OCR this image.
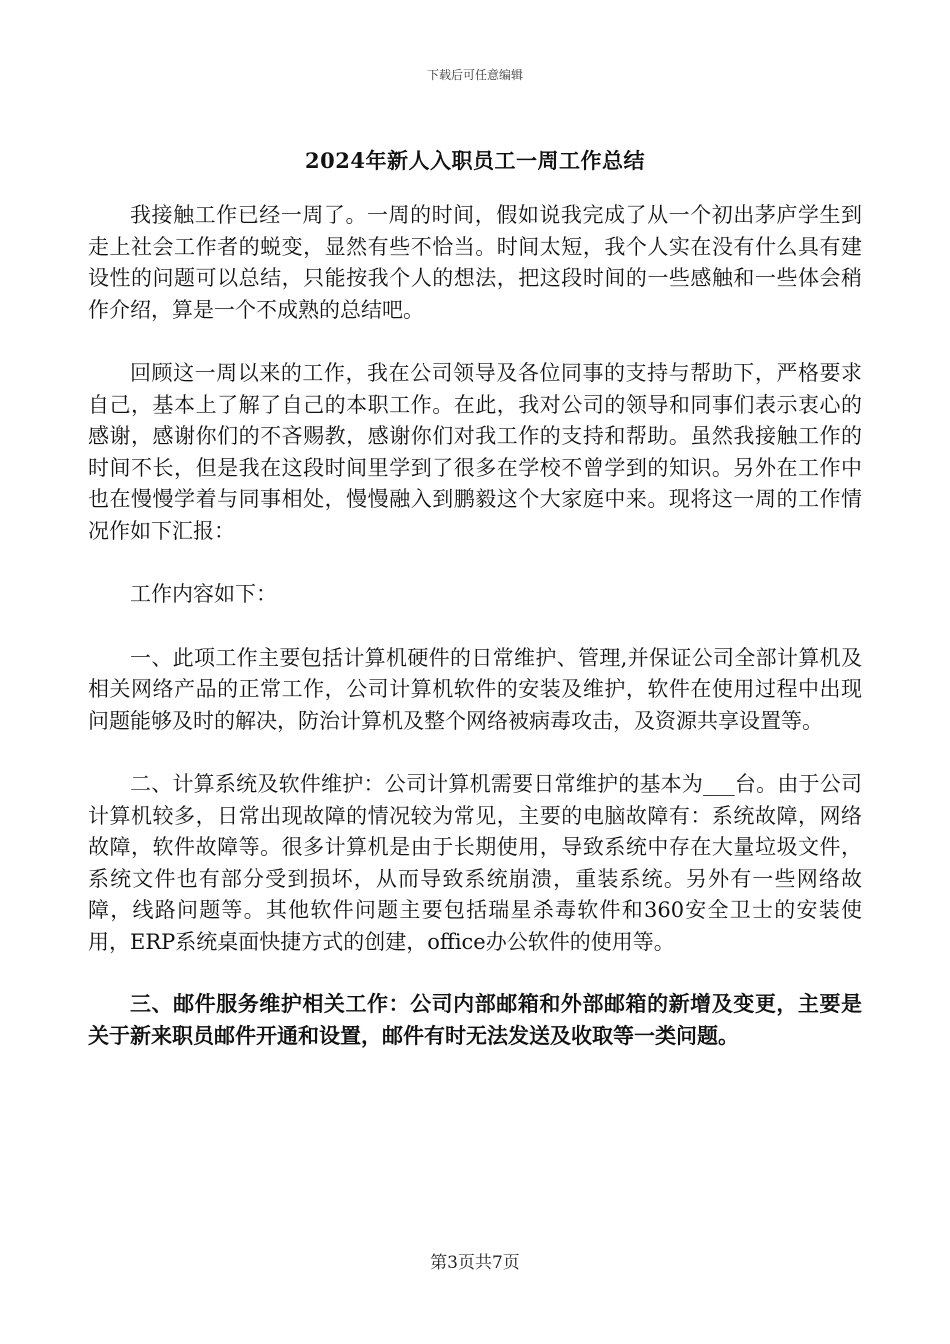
下载后可任意编辑
2024年新人入职员工一周工作总结

我接触工作已经一周了。一周的时间，假如说我完成了从一个初出茅庐学生到走上社会工作者的蜕变，显然有些不恰当。时间太短，我个人实在没有什么具有建设性的问题可以总结，只能按我个人的想法，把这段时间的一些感触和一些体会稍作介绍，算是一个不成熟的总结吧。

回顾这一周以来的工作，我在公司领导及各位同事的支持与帮助下，严格要求自己，基本上了解了自己的本职工作。在此，我对公司的领导和同事们表示衷心的感谢，感谢你们的不吝赐教，感谢你们对我工作的支持和帮助。虽然我接触工作的时间不长，但是我在这段时间里学到了很多在学校不曾学到的知识。另外在工作中也在慢慢学着与同事相处，慢慢融入到鹏毅这个大家庭中来。现将这一周的工作情况作如下汇报：

工作内容如下：

一、此项工作主要包括计算机硬件的日常维护、管理,并保证公司全部计算机及相关网络产品的正常工作，公司计算机软件的安装及维护，软件在使用过程中出现问题能够及时的解决，防治计算机及整个网络被病毒攻击，及资源共享设置等。

二、计算系统及软件维护：公司计算机需要日常维护的基本为___台。由于公司计算机较多，日常出现故障的情况较为常见，主要的电脑故障有：系统故障，网络故障，软件故障等。很多计算机是由于长期使用，导致系统中存在大量垃圾文件，系统文件也有部分受到损坏，从而导致系统崩溃，重装系统。另外有一些网络故障，线路问题等。其他软件问题主要包括瑞星杀毒软件和360安全卫士的安装使用，ERP系统桌面快捷方式的创建，office办公软件的使用等。

三、邮件服务维护相关工作：公司内部邮箱和外部邮箱的新增及变更，主要是关于新来职员邮件开通和设置，邮件有时无法发送及收取等一类问题。

第3页共7页
